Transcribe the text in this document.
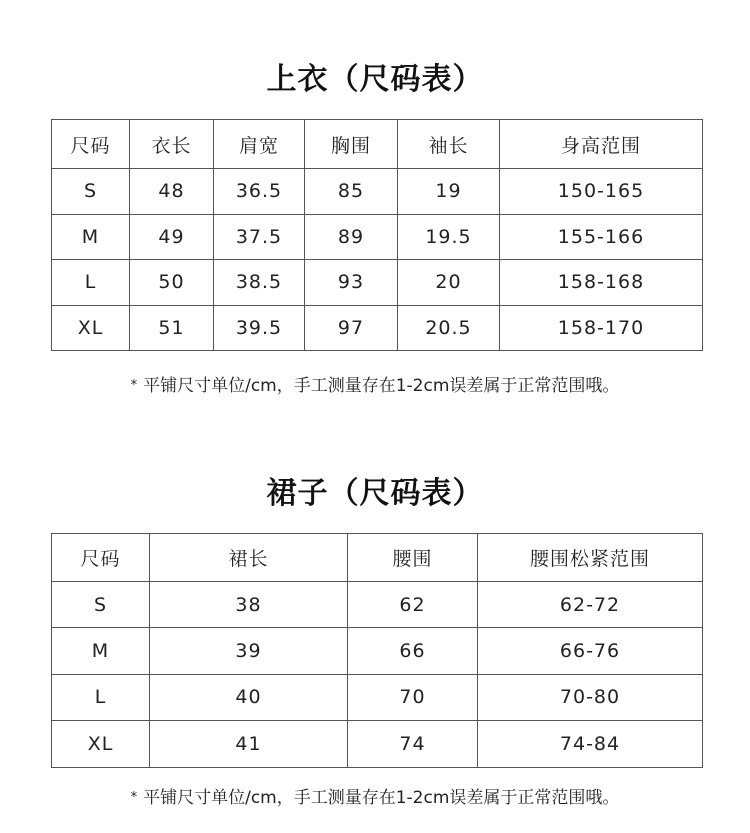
上衣（尺码表）
尺码	衣长	肩宽	胸围	袖长	身高范围
S	48	36.5	85	19	150-165
M	49	37.5	89	19.5	155-166
L	50	38.5	93	20	158-168
XL	51	39.5	97	20.5	158-170
* 平铺尺寸单位/cm，手工测量存在1-2cm误差属于正常范围哦。
裙子（尺码表）
尺码	裙长	腰围	腰围松紧范围
S	38	62	62-72
M	39	66	66-76
L	40	70	70-80
XL	41	74	74-84
* 平铺尺寸单位/cm，手工测量存在1-2cm误差属于正常范围哦。
